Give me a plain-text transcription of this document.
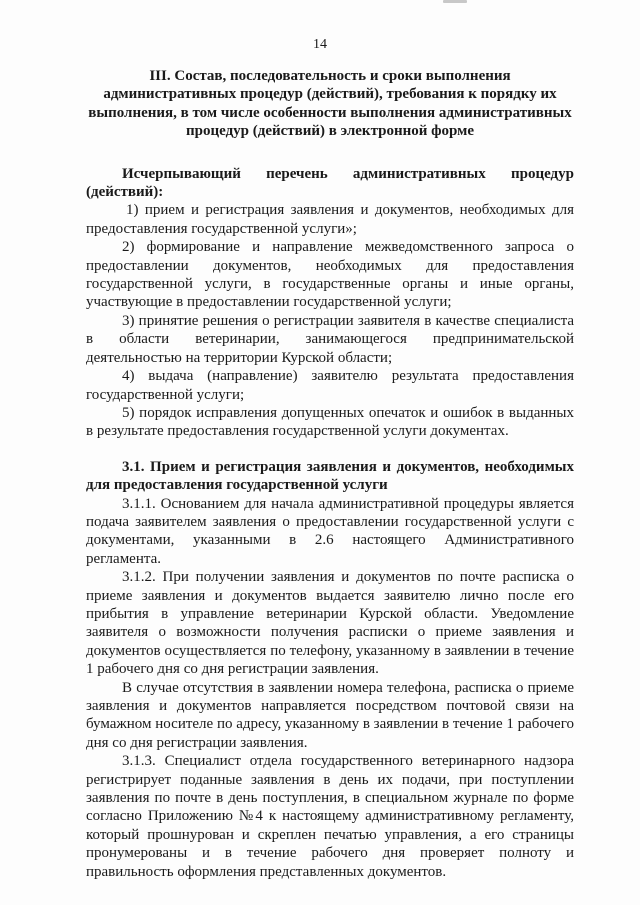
14

III. Состав, последовательность и сроки выполнения административных процедур (действий), требования к порядку их выполнения, в том числе особенности выполнения административных процедур (действий) в электронной форме

Исчерпывающий перечень административных процедур (действий):

1) прием и регистрация заявления и документов, необходимых для предоставления государственной услуги»;

2) формирование и направление межведомственного запроса о предоставлении документов, необходимых для предоставления государственной услуги, в государственные органы и иные органы, участвующие в предоставлении государственной услуги;

3) принятие решения о регистрации заявителя в качестве специалиста в области ветеринарии, занимающегося предпринимательской деятельностью на территории Курской области;

4) выдача (направление) заявителю результата предоставления государственной услуги;

5) порядок исправления допущенных опечаток и ошибок в выданных в результате предоставления государственной услуги документах.

3.1. Прием и регистрация заявления и документов, необходимых для предоставления государственной услуги

3.1.1. Основанием для начала административной процедуры является подача заявителем заявления о предоставлении государственной услуги с документами, указанными в 2.6 настоящего Административного регламента.

3.1.2. При получении заявления и документов по почте расписка о приеме заявления и документов выдается заявителю лично после его прибытия в управление ветеринарии Курской области. Уведомление заявителя о возможности получения расписки о приеме заявления и документов осуществляется по телефону, указанному в заявлении в течение 1 рабочего дня со дня регистрации заявления.

В случае отсутствия в заявлении номера телефона, расписка о приеме заявления и документов направляется посредством почтовой связи на бумажном носителе по адресу, указанному в заявлении в течение 1 рабочего дня со дня регистрации заявления.

3.1.3. Специалист отдела государственного ветеринарного надзора регистрирует поданные заявления в день их подачи, при поступлении заявления по почте в день поступления, в специальном журнале по форме согласно Приложению №4 к настоящему административному регламенту, который прошнурован и скреплен печатью управления, а его страницы пронумерованы и в течение рабочего дня проверяет полноту и правильность оформления представленных документов.
